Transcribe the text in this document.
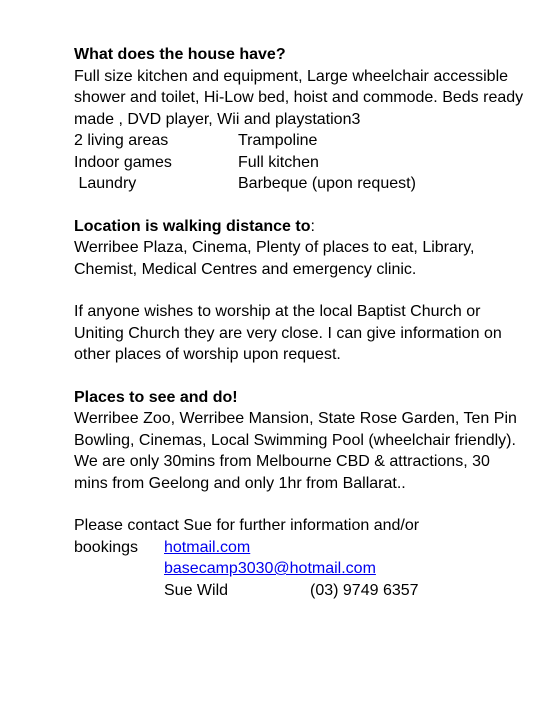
What does the house have?
Full size kitchen and equipment, Large wheelchair accessible shower and toilet, Hi-Low bed, hoist and commode. Beds ready made , DVD player, Wii and playstation3
2 living areas	Trampoline
Indoor games	Full kitchen
Laundry	Barbeque (upon request)
Location is walking distance to:
Werribee Plaza, Cinema, Plenty of places to eat, Library, Chemist, Medical Centres and emergency clinic.
If anyone wishes to worship at the local Baptist Church or Uniting Church they are very close. I can give information on other places of worship upon request.
Places to see and do!
Werribee Zoo, Werribee Mansion, State Rose Garden, Ten Pin Bowling, Cinemas, Local Swimming Pool (wheelchair friendly). We are only 30mins from Melbourne CBD & attractions, 30 mins from Geelong and only 1hr from Ballarat..
Please contact Sue for further information and/or
bookings	hotmail.com
basecamp3030@hotmail.com
Sue Wild	(03) 9749 6357
